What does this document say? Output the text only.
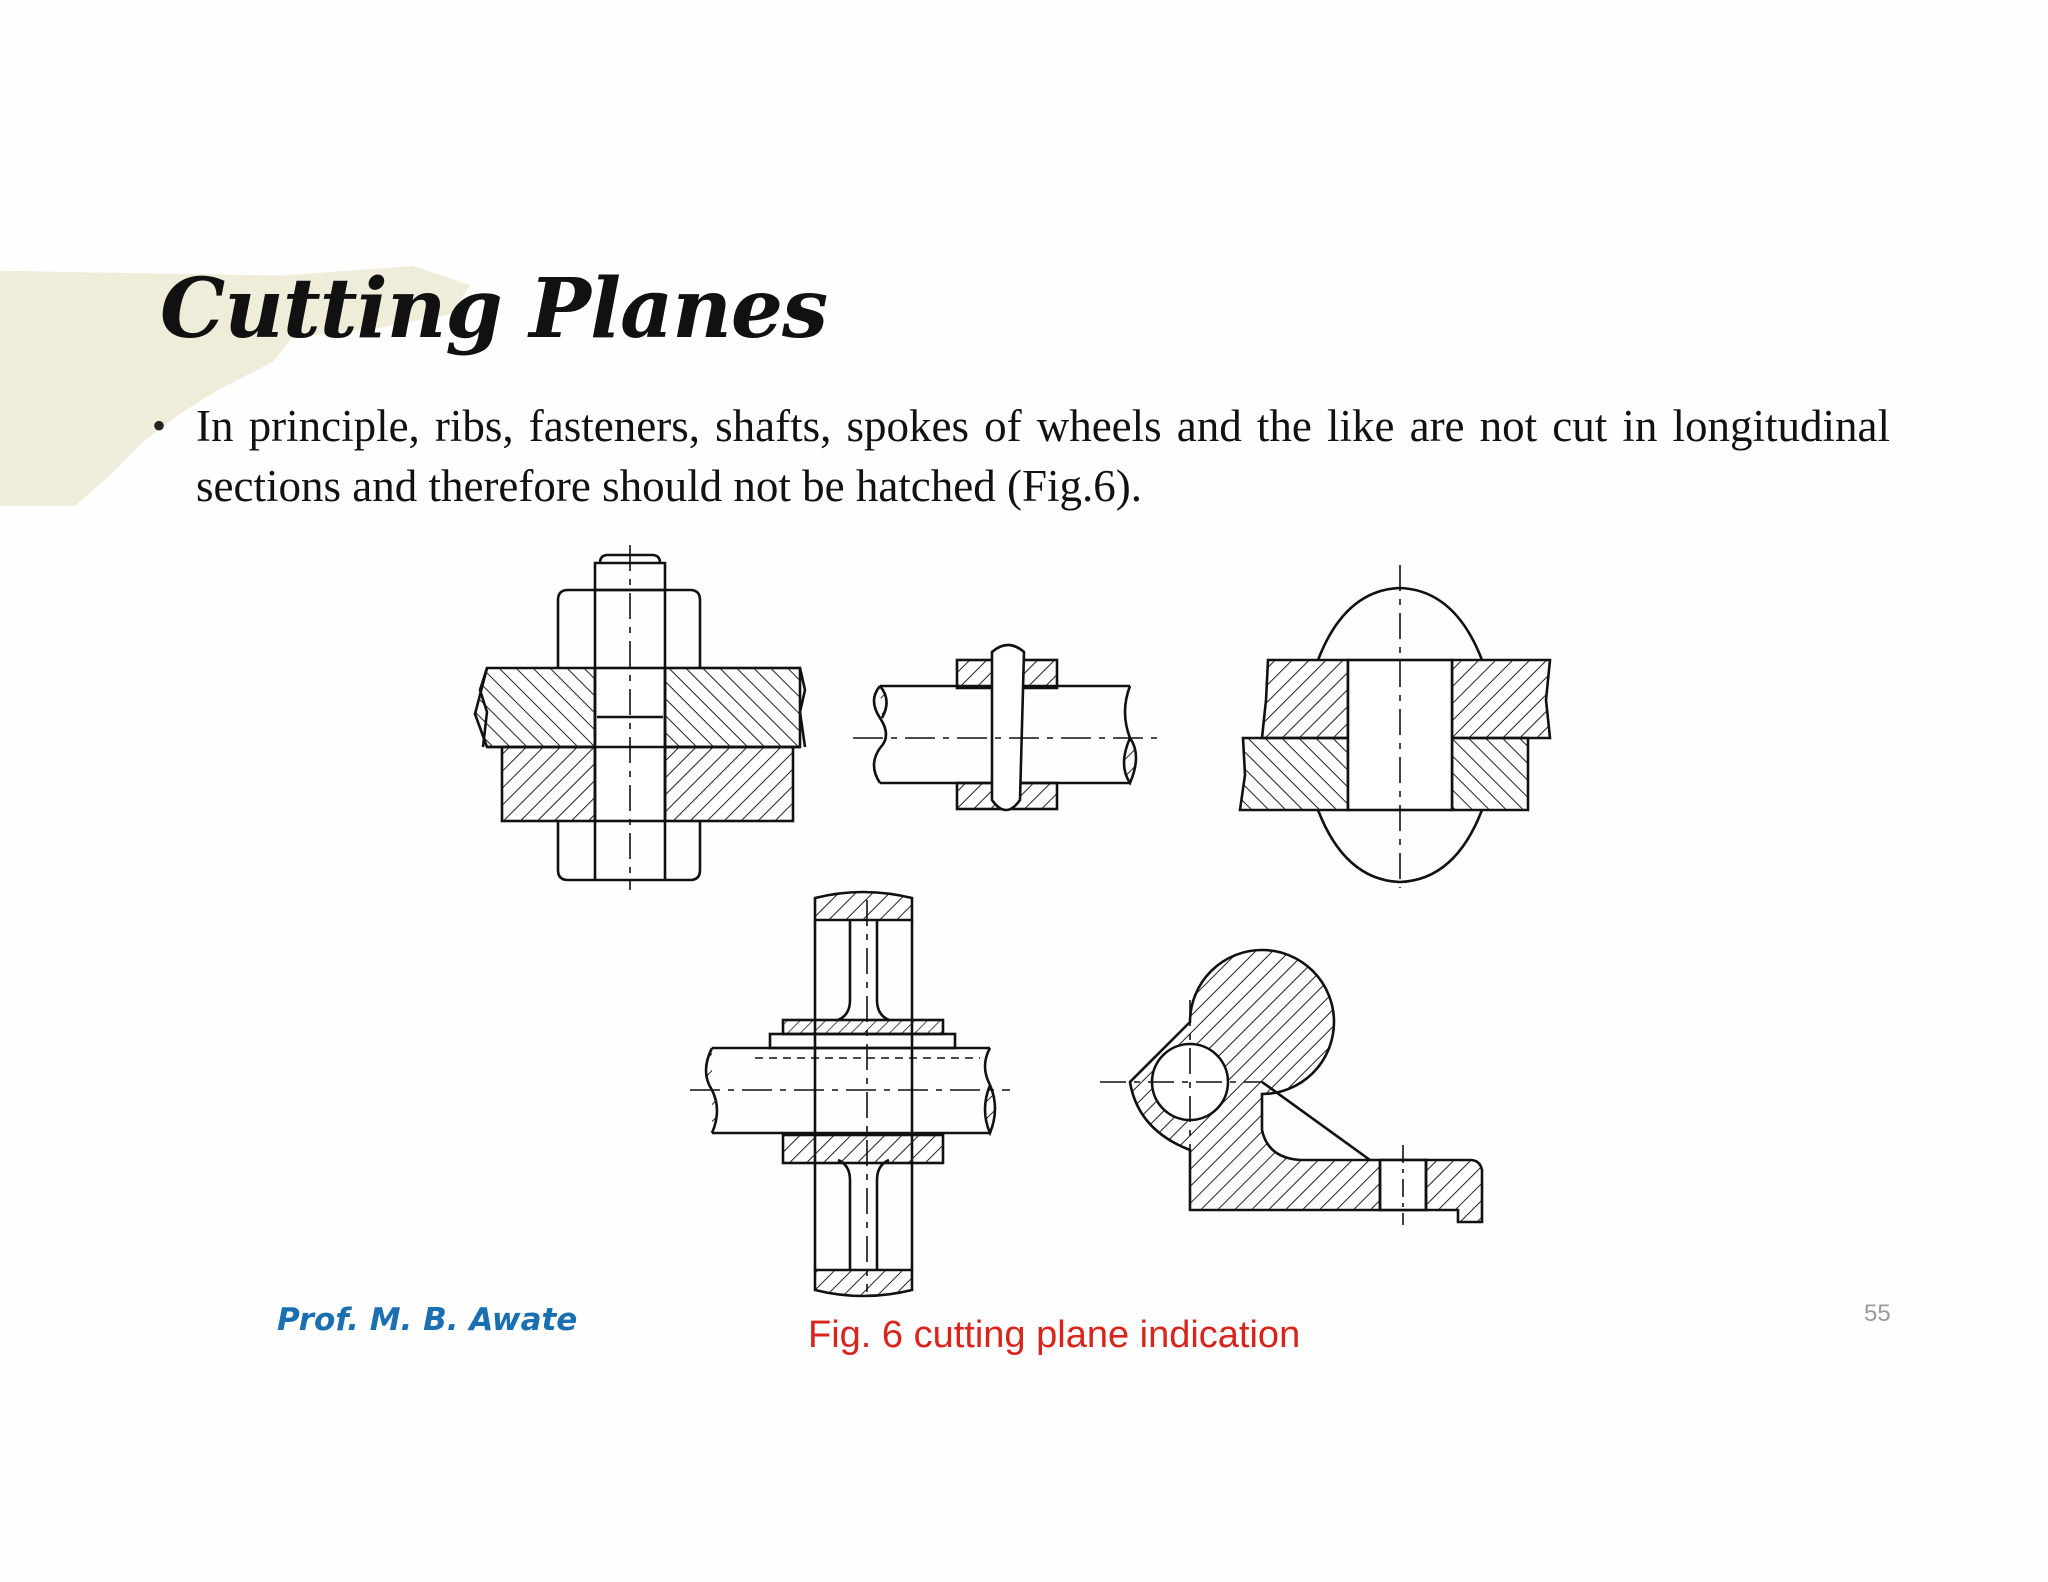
Cutting Planes
• In principle, ribs, fasteners, shafts, spokes of wheels and the like are not cut in longitudinal sections and therefore should not be hatched (Fig.6).

Prof. M. B. Awate	Fig. 6 cutting plane indication
55
